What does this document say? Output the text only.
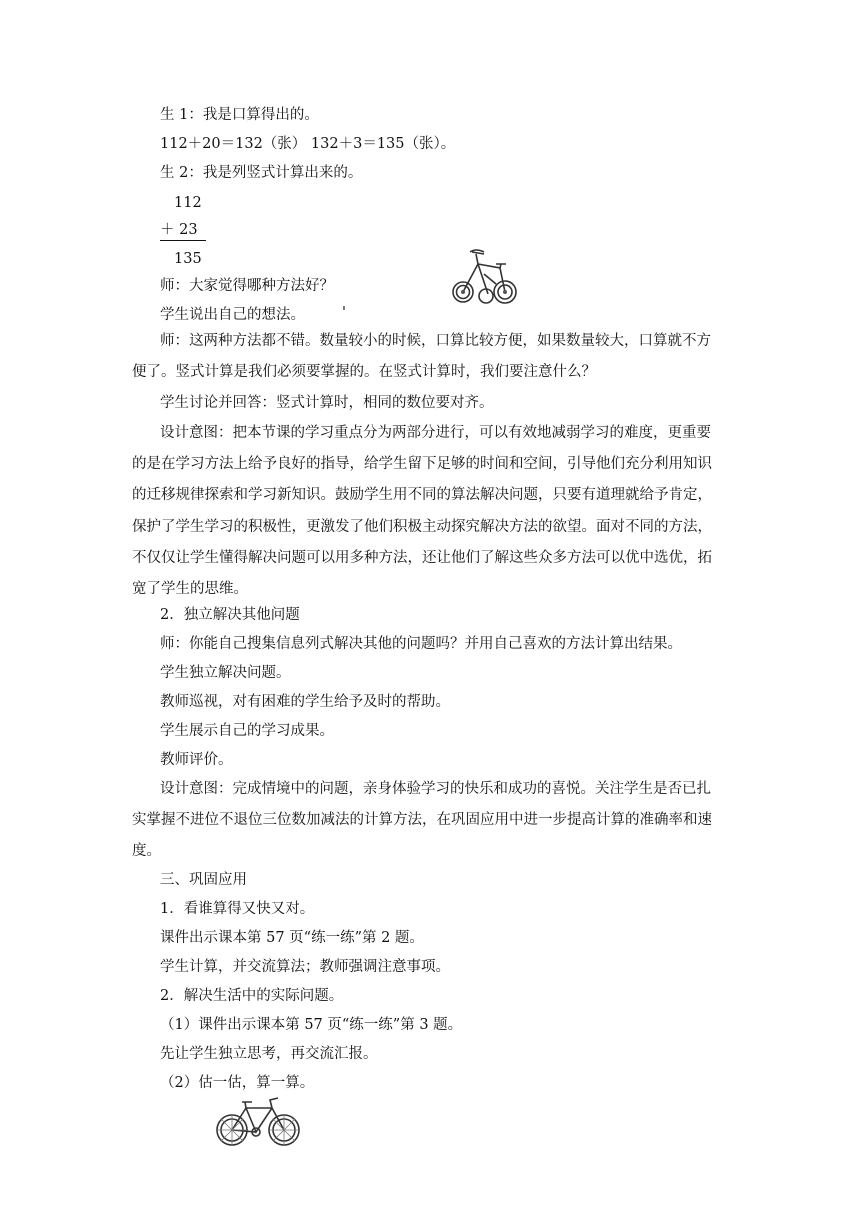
生 1：我是口算得出的。
112＋20＝132（张） 132＋3＝135（张）。
生 2：我是列竖式计算出来的。
112
＋ 23
135
师：大家觉得哪种方法好？
学生说出自己的想法。	'
师：这两种方法都不错。数量较小的时候，口算比较方便，如果数量较大，口算就不方
便了。竖式计算是我们必须要掌握的。在竖式计算时，我们要注意什么？
学生讨论并回答：竖式计算时，相同的数位要对齐。
设计意图：把本节课的学习重点分为两部分进行，可以有效地减弱学习的难度，更重要
的是在学习方法上给予良好的指导，给学生留下足够的时间和空间，引导他们充分利用知识
的迁移规律探索和学习新知识。鼓励学生用不同的算法解决问题，只要有道理就给予肯定，
保护了学生学习的积极性，更激发了他们积极主动探究解决方法的欲望。面对不同的方法，
不仅仅让学生懂得解决问题可以用多种方法，还让他们了解这些众多方法可以优中选优，拓
宽了学生的思维。
2．独立解决其他问题
师：你能自己搜集信息列式解决其他的问题吗？并用自己喜欢的方法计算出结果。
学生独立解决问题。
教师巡视，对有困难的学生给予及时的帮助。
学生展示自己的学习成果。
教师评价。
设计意图：完成情境中的问题，亲身体验学习的快乐和成功的喜悦。关注学生是否已扎
实掌握不进位不退位三位数加减法的计算方法，在巩固应用中进一步提高计算的准确率和速
度。
三、巩固应用
1．看谁算得又快又对。
课件出示课本第 57 页“练一练”第 2 题。
学生计算，并交流算法；教师强调注意事项。
2．解决生活中的实际问题。
（1）课件出示课本第 57 页“练一练”第 3 题。
先让学生独立思考，再交流汇报。
（2）估一估，算一算。
